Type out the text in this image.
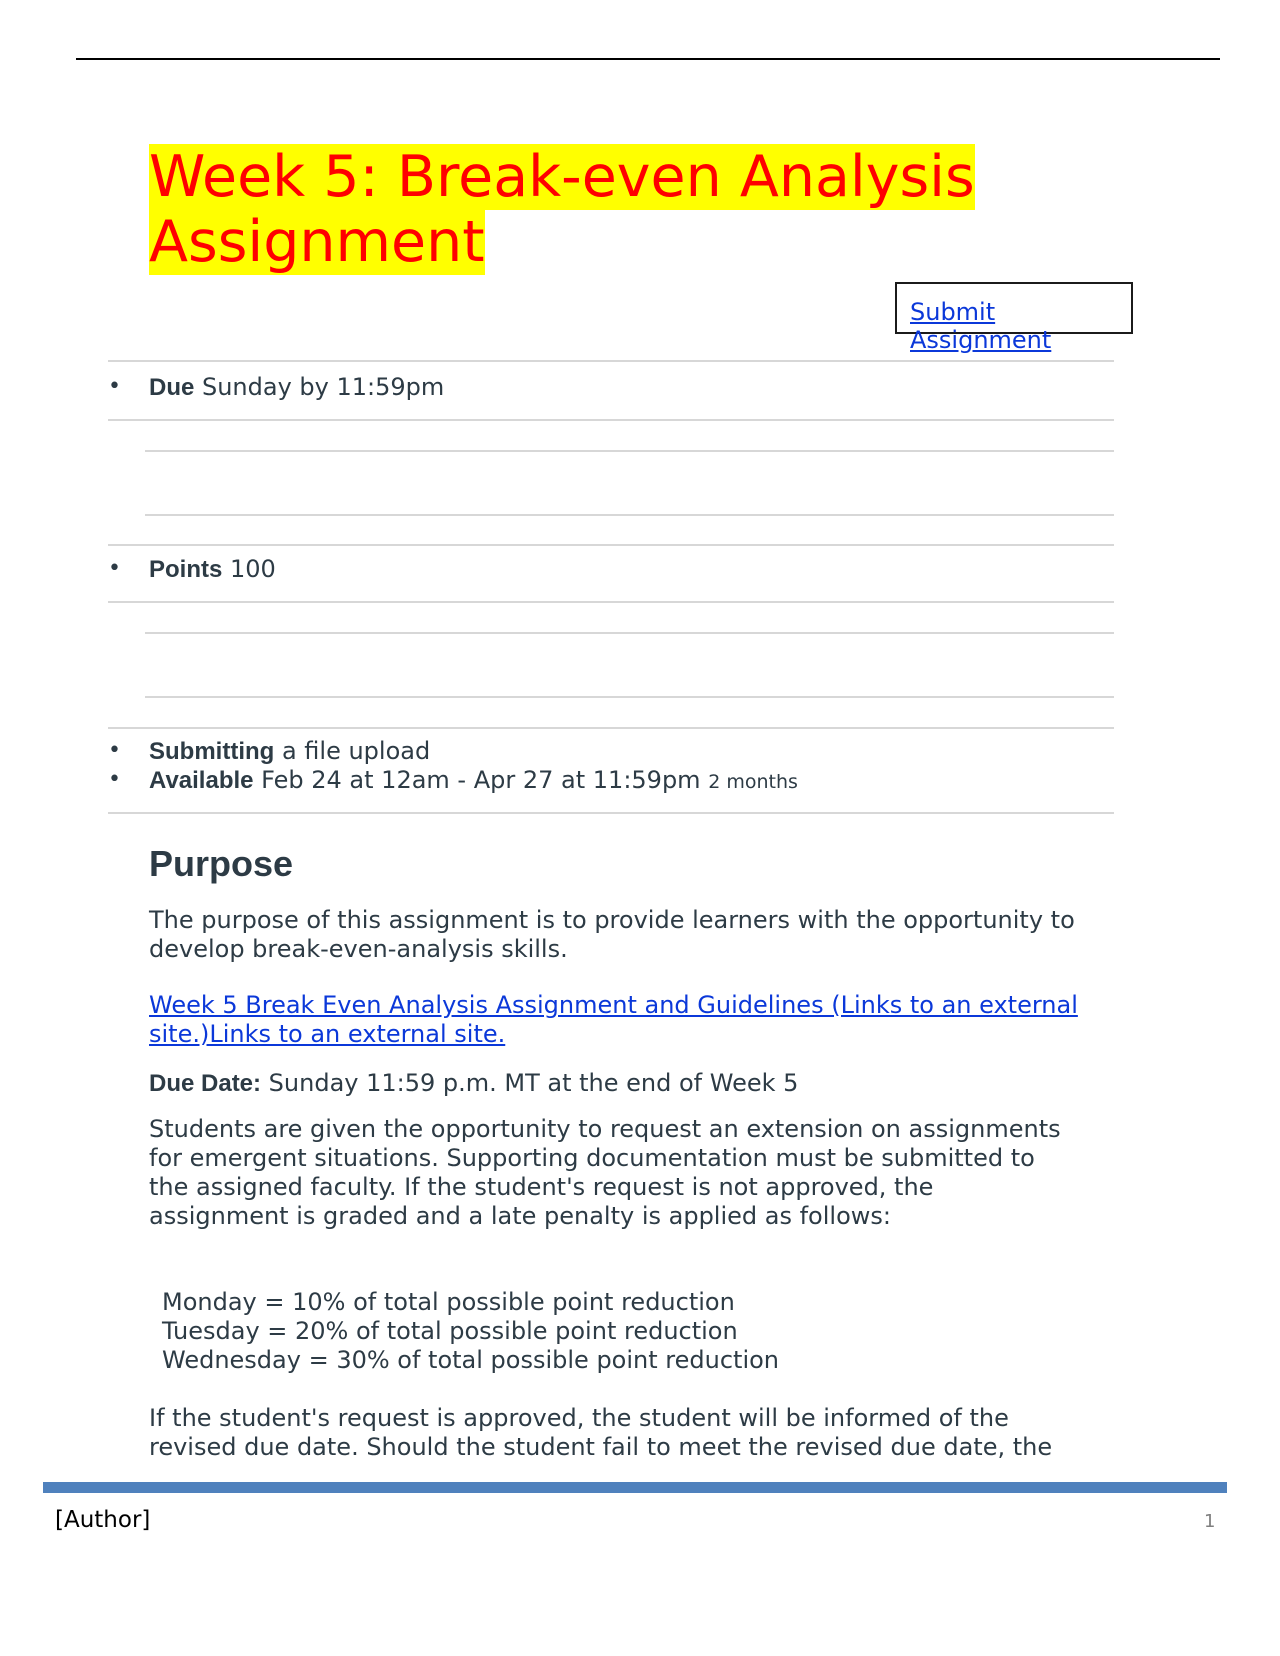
Week 5: Break-even Analysis Assignment
Submit Assignment
• Due Sunday by 11:59pm
• Points 100
• Submitting a file upload
• Available Feb 24 at 12am - Apr 27 at 11:59pm 2 months
Purpose

The purpose of this assignment is to provide learners with the opportunity to develop break-even-analysis skills.

Week 5 Break Even Analysis Assignment and Guidelines (Links to an external
site.)Links to an external site.

Due Date: Sunday 11:59 p.m. MT at the end of Week 5

Students are given the opportunity to request an extension on assignments for emergent situations. Supporting documentation must be submitted to the assigned faculty. If the student's request is not approved, the assignment is graded and a late penalty is applied as follows:

Monday = 10% of total possible point reduction
Tuesday = 20% of total possible point reduction
Wednesday = 30% of total possible point reduction

If the student's request is approved, the student will be informed of the revised due date. Should the student fail to meet the revised due date, the

[Author]	1
